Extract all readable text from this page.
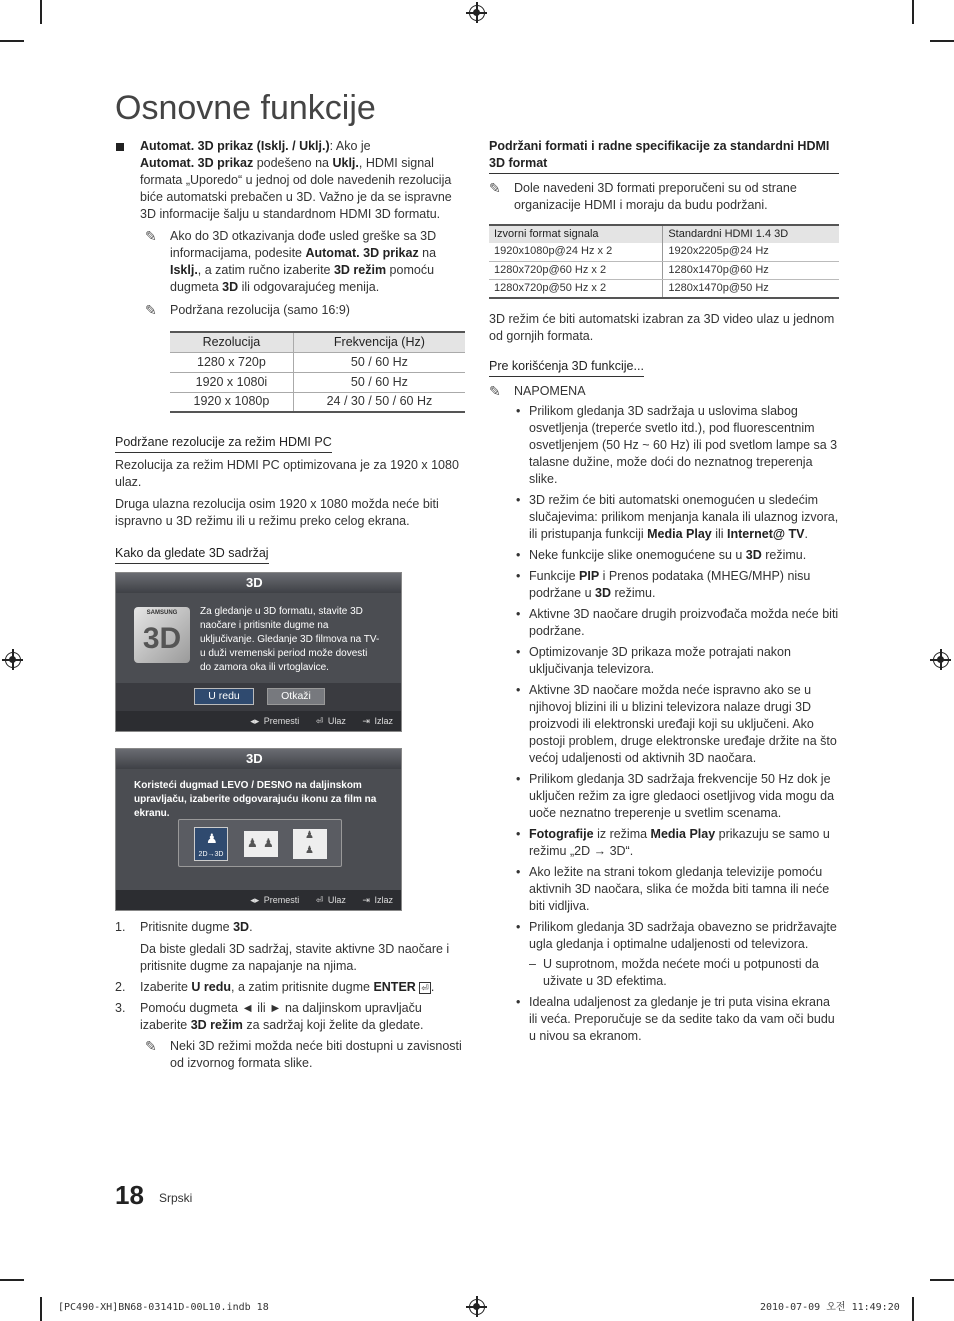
Osnovne funkcije

Automat. 3D prikaz (Isklj. / Uklj.): Ako je
Automat. 3D prikaz podešeno na Uklj., HDMI signal formata „Uporedo“ u jednoj od dole navedenih rezolucija biće automatski prebačen u 3D. Važno je da se ispravne 3D informacije šalju u standardnom HDMI 3D formatu.

✎ Ako do 3D otkazivanja dođe usled greške sa 3D informacijama, podesite Automat. 3D prikaz na Isklj., a zatim ručno izaberite 3D režim pomoću dugmeta 3D ili odgovarajućeg menija.
✎ Podržana rezolucija (samo 16:9)
Rezolucija	Frekvencija (Hz)
1280 x 720p	50 / 60 Hz
1920 x 1080i	50 / 60 Hz
1920 x 1080p	24 / 30 / 50 / 60 Hz
Podržane rezolucije za režim HDMI PC

Rezolucija za režim HDMI PC optimizovana je za 1920 x 1080 ulaz.

Druga ulazna rezolucija osim 1920 x 1080 možda neće biti ispravno u 3D režimu ili u režimu preko celog ekrana.

Kako da gledate 3D sadržaj
3D
SAMSUNG
3D
Za gledanje u 3D formatu, stavite 3D naočare i pritisnite dugme na uključivanje. Gledanje 3D filmova na TV-u duži vremenski period može dovesti do zamora oka ili vrtoglavice.
U redu	Otkaži
◂▸ Premesti ⏎ Ulaz ⇥ Izlaz
3D
Koristeći dugmad LEVO / DESNO na daljinskom upravljaču, izaberite odgovarajuću ikonu za film na ekranu.
♟
2D→3D
♟ ♟
♟
♟
◂▸ Premesti ⏎ Ulaz ⇥ Izlaz
1. Pritisnite dugme 3D.

Da biste gledali 3D sadržaj, stavite aktivne 3D naočare i pritisnite dugme za napajanje na njima.

2. Izaberite U redu, a zatim pritisnite dugme ENTER ⏎ .
3. Pomoću dugmeta ◄ ili ► na daljinskom upravljaču izaberite 3D režim za sadržaj koji želite da gledate.
✎ Neki 3D režimi možda neće biti dostupni u zavisnosti od izvornog formata slike.
Podržani formati i radne specifikacije za standardni HDMI 3D format
✎ Dole navedeni 3D formati preporučeni su od strane organizacije HDMI i moraju da budu podržani.
Izvorni format signala	Standardni HDMI 1.4 3D
1920x1080p@24 Hz x 2	1920x2205p@24 Hz
1280x720p@60 Hz x 2	1280x1470p@60 Hz
1280x720p@50 Hz x 2	1280x1470p@50 Hz

3D režim će biti automatski izabran za 3D video ulaz u jednom od gornjih formata.

Pre korišćenja 3D funkcije...
✎ NAPOMENA
• Prilikom gledanja 3D sadržaja u uslovima slabog osvetljenja (treperće svetlo itd.), pod fluorescentnim osvetljenjem (50 Hz ~ 60 Hz) ili pod svetlom lampe sa 3 talasne dužine, može doći do neznatnog treperenja slike.
• 3D režim će biti automatski onemogućen u sledećim slučajevima: prilikom menjanja kanala ili ulaznog izvora, ili pristupanja funkciji Media Play ili Internet@ TV.
• Neke funkcije slike onemogućene su u 3D režimu.
• Funkcije PIP i Prenos podataka (MHEG/MHP) nisu podržane u 3D režimu.
• Aktivne 3D naočare drugih proizvođača možda neće biti podržane.
• Optimizovanje 3D prikaza može potrajati nakon uključivanja televizora.
• Aktivne 3D naočare možda neće ispravno ako se u njihovoj blizini ili u blizini televizora nalaze drugi 3D proizvodi ili elektronski uređaji koji su uključeni. Ako postoji problem, druge elektronske uređaje držite na što većoj udaljenosti od aktivnih 3D naočara.
• Prilikom gledanja 3D sadržaja frekvencije 50 Hz dok je uključen režim za igre gledaoci osetljivog vida mogu da uoče neznatno treperenje u svetlim scenama.
• Fotografije iz režima Media Play prikazuju se samo u režimu „2D → 3D“.
• Ako ležite na strani tokom gledanja televizije pomoću aktivnih 3D naočara, slika će možda biti tamna ili neće biti vidljiva.
• Prilikom gledanja 3D sadržaja obavezno se pridržavajte ugla gledanja i optimalne udaljenosti od televizora.
– U suprotnom, možda nećete moći u potpunosti da uživate u 3D efektima.
• Idealna udaljenost za gledanje je tri puta visina ekrana ili veća. Preporučuje se da sedite tako da vam oči budu u nivou sa ekranom.
18 Srpski
[PC490-XH]BN68-03141D-00L10.indb 18	2010-07-09 오전 11:49:20
